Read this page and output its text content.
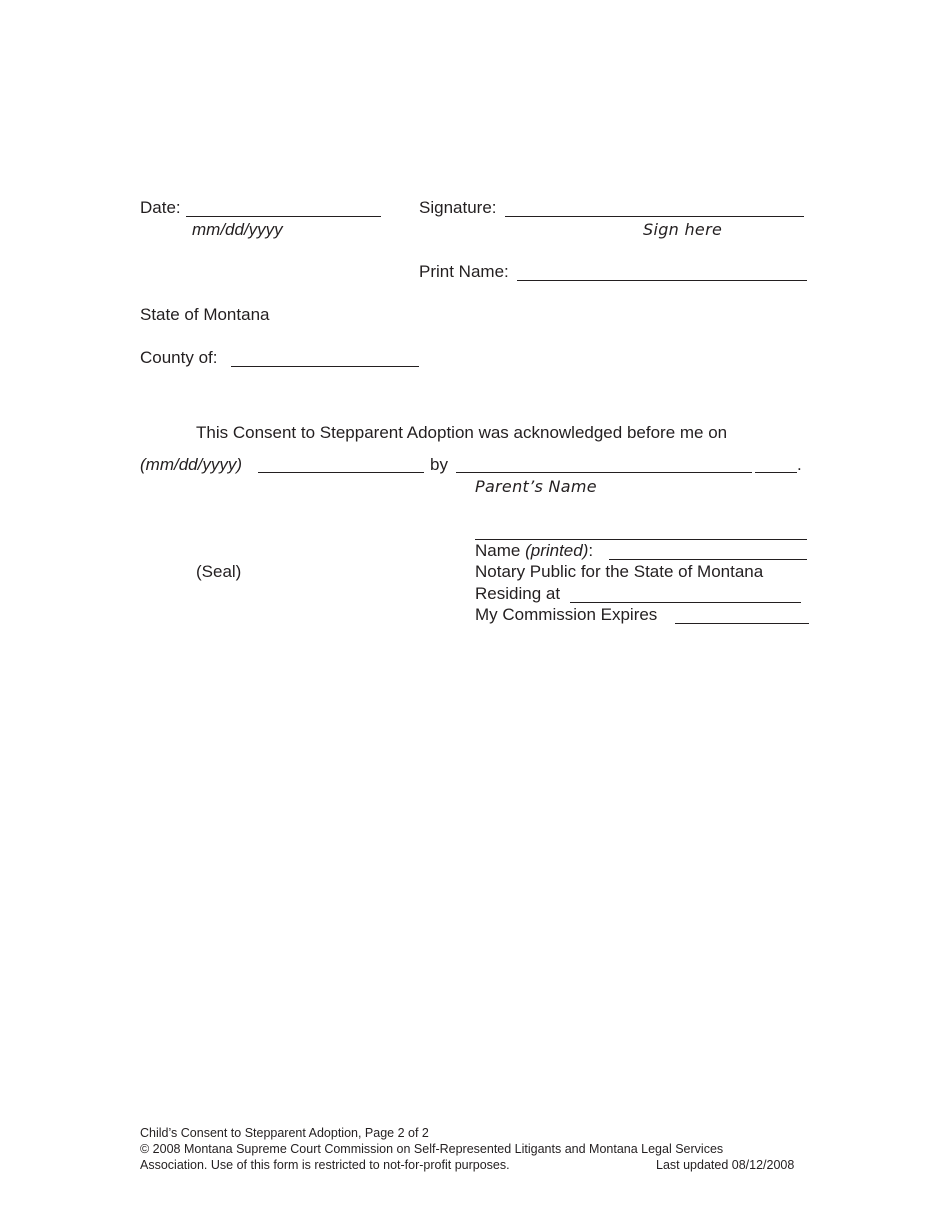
Date:
mm/dd/yyyy
Signature:
Sign here
Print Name:
State of Montana
County of:
This Consent to Stepparent Adoption was acknowledged before me on
(mm/dd/yyyy)	by	.
Parent’s Name
(Seal)
Name (printed):
Notary Public for the State of Montana
Residing at
My Commission Expires
Child’s Consent to Stepparent Adoption, Page 2 of 2
© 2008 Montana Supreme Court Commission on Self-Represented Litigants and Montana Legal Services
Association. Use of this form is restricted to not-for-profit purposes.	Last updated 08/12/2008
